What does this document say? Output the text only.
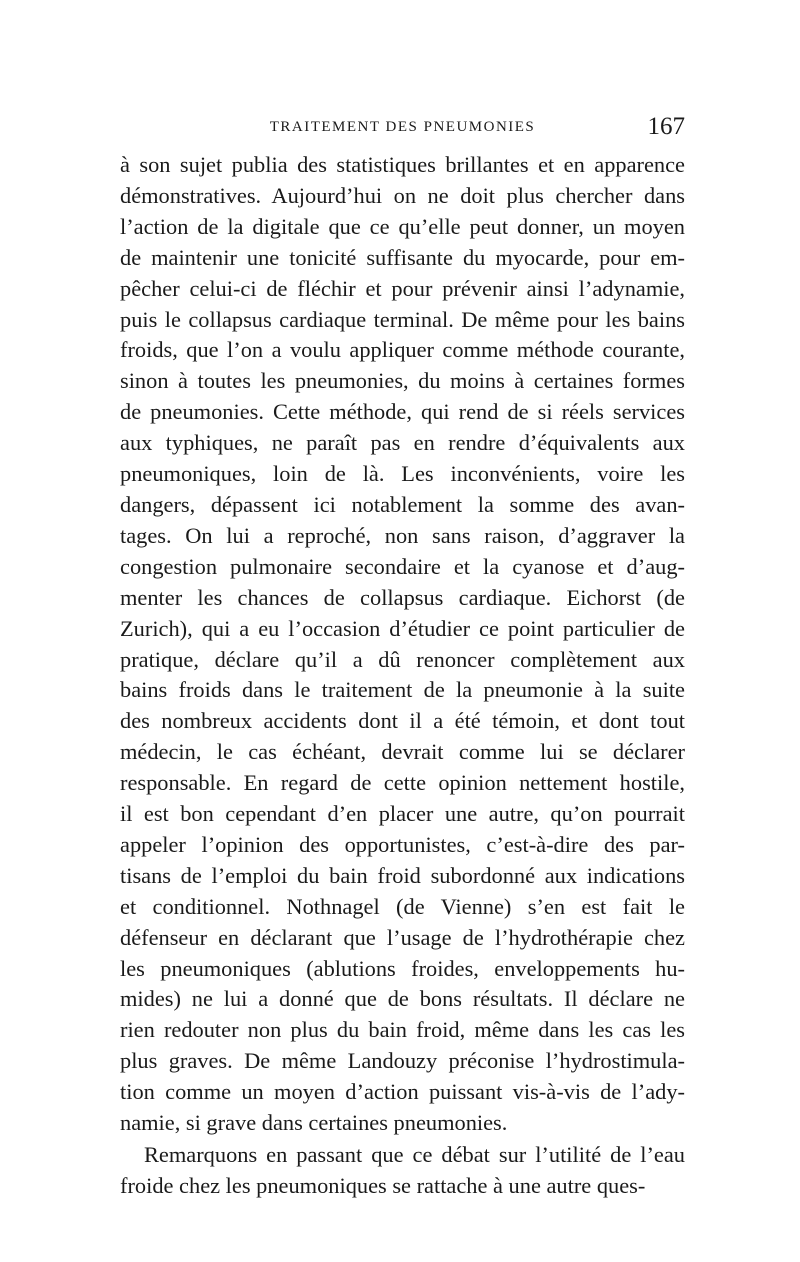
TRAITEMENT DES PNEUMONIES	167
à son sujet publia des statistiques brillantes et en apparence
démonstratives. Aujourd’hui on ne doit plus chercher dans
l’action de la digitale que ce qu’elle peut donner, un moyen
de maintenir une tonicité suffisante du myocarde, pour em-
pêcher celui-ci de fléchir et pour prévenir ainsi l’adynamie,
puis le collapsus cardiaque terminal. De même pour les bains
froids, que l’on a voulu appliquer comme méthode courante,
sinon à toutes les pneumonies, du moins à certaines formes
de pneumonies. Cette méthode, qui rend de si réels services
aux typhiques, ne paraît pas en rendre d’équivalents aux
pneumoniques, loin de là. Les inconvénients, voire les
dangers, dépassent ici notablement la somme des avan-
tages. On lui a reproché, non sans raison, d’aggraver la
congestion pulmonaire secondaire et la cyanose et d’aug-
menter les chances de collapsus cardiaque. Eichorst (de
Zurich), qui a eu l’occasion d’étudier ce point particulier de
pratique, déclare qu’il a dû renoncer complètement aux
bains froids dans le traitement de la pneumonie à la suite
des nombreux accidents dont il a été témoin, et dont tout
médecin, le cas échéant, devrait comme lui se déclarer
responsable. En regard de cette opinion nettement hostile,
il est bon cependant d’en placer une autre, qu’on pourrait
appeler l’opinion des opportunistes, c’est-à-dire des par-
tisans de l’emploi du bain froid subordonné aux indications
et conditionnel. Nothnagel (de Vienne) s’en est fait le
défenseur en déclarant que l’usage de l’hydrothérapie chez
les pneumoniques (ablutions froides, enveloppements hu-
mides) ne lui a donné que de bons résultats. Il déclare ne
rien redouter non plus du bain froid, même dans les cas les
plus graves. De même Landouzy préconise l’hydrostimula-
tion comme un moyen d’action puissant vis-à-vis de l’ady-
namie, si grave dans certaines pneumonies.
Remarquons en passant que ce débat sur l’utilité de l’eau
froide chez les pneumoniques se rattache à une autre ques-
